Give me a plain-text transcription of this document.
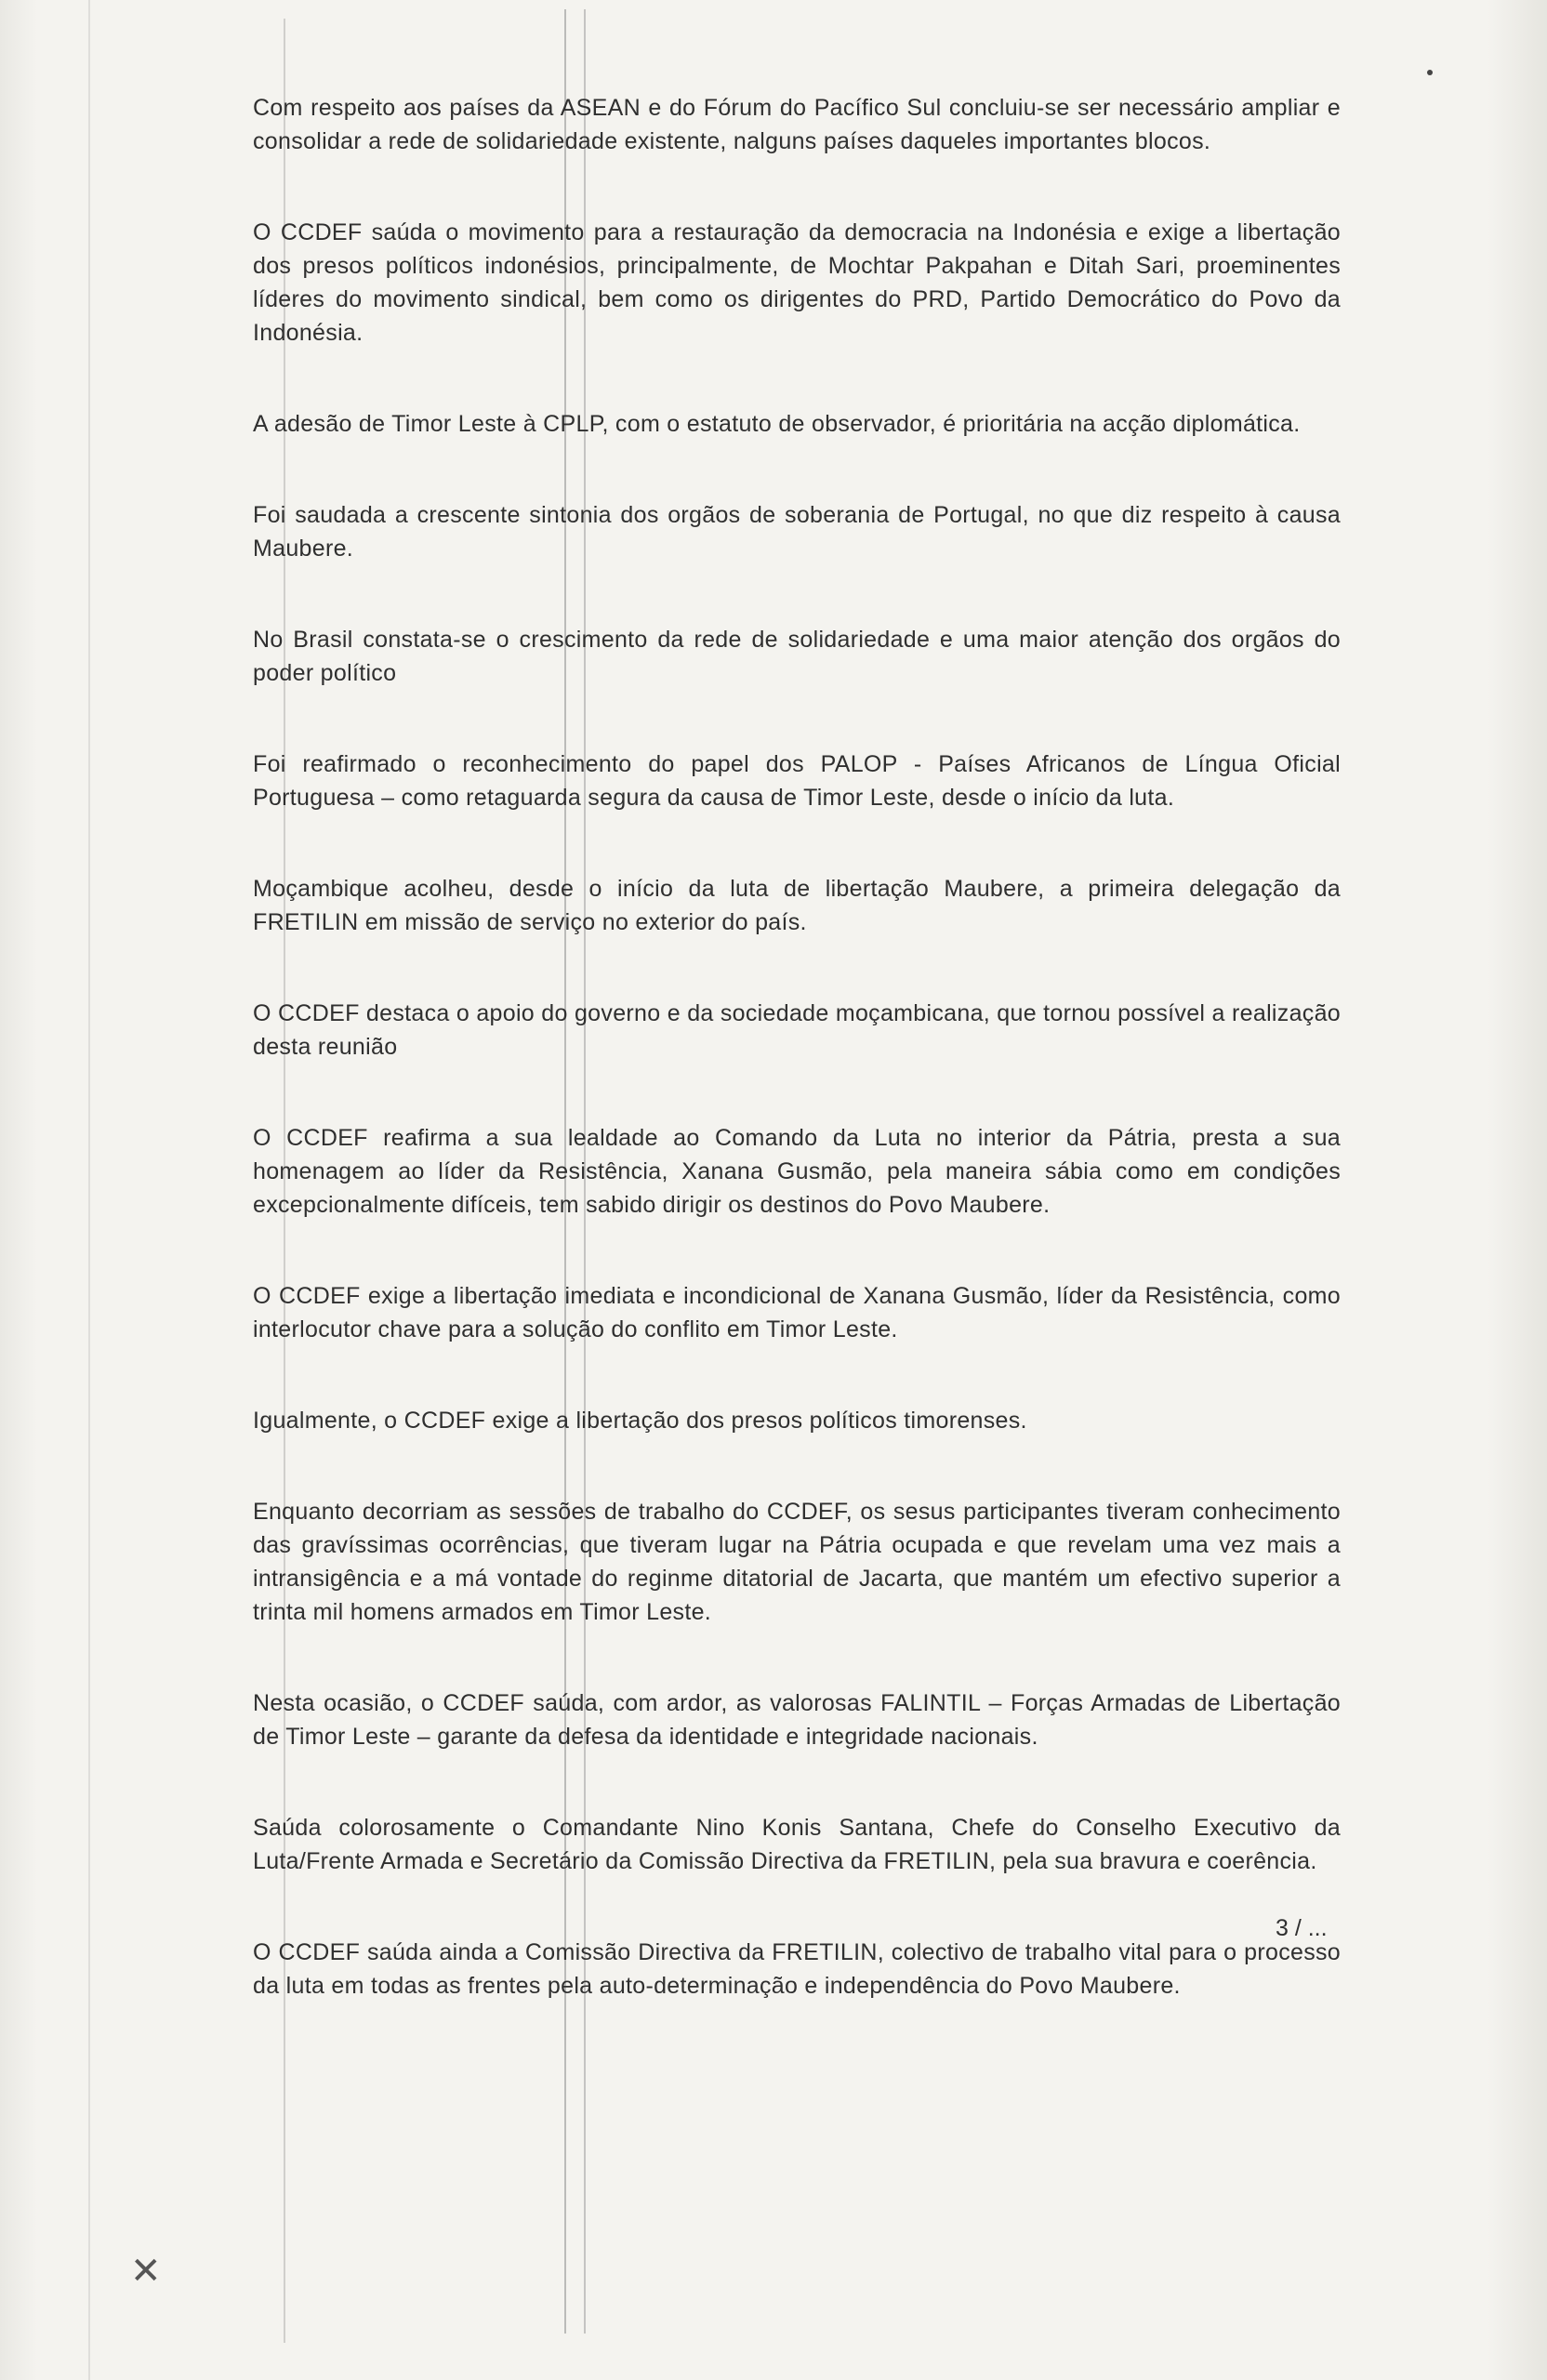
✕

Com respeito aos países da ASEAN e do Fórum do Pacífico Sul concluiu-se ser necessário ampliar e consolidar a rede de solidariedade existente, nalguns países daqueles importantes blocos.

O CCDEF saúda o movimento para a restauração da democracia na Indonésia e exige a libertação dos presos políticos indonésios, principalmente, de Mochtar Pakpahan e Ditah Sari, proeminentes líderes do movimento sindical, bem como os dirigentes do PRD, Partido Democrático do Povo da Indonésia.

A adesão de Timor Leste à CPLP, com o estatuto de observador, é prioritária na acção diplomática.

Foi saudada a crescente sintonia dos orgãos de soberania de Portugal, no que diz respeito à causa Maubere.

No Brasil constata-se o crescimento da rede de solidariedade e uma maior atenção dos orgãos do poder político

Foi reafirmado o reconhecimento do papel dos PALOP - Países Africanos de Língua Oficial Portuguesa – como retaguarda segura da causa de Timor Leste, desde o início da luta.

Moçambique acolheu, desde o início da luta de libertação Maubere, a primeira delegação da FRETILIN em missão de serviço no exterior do país.

O CCDEF destaca o apoio do governo e da sociedade moçambicana, que tornou possível a realização desta reunião

O CCDEF reafirma a sua lealdade ao Comando da Luta no interior da Pátria, presta a sua homenagem ao líder da Resistência, Xanana Gusmão, pela maneira sábia como em condições excepcionalmente difíceis, tem sabido dirigir os destinos do Povo Maubere.

O CCDEF exige a libertação imediata e incondicional de Xanana Gusmão, líder da Resistência, como interlocutor chave para a solução do conflito em Timor Leste.

Igualmente, o CCDEF exige a libertação dos presos políticos timorenses.

Enquanto decorriam as sessões de trabalho do CCDEF, os sesus participantes tiveram conhecimento das gravíssimas ocorrências, que tiveram lugar na Pátria ocupada e que revelam uma vez mais a intransigência e a má vontade do reginme ditatorial de Jacarta, que mantém um efectivo superior a trinta mil homens armados em Timor Leste.

Nesta ocasião, o CCDEF saúda, com ardor, as valorosas FALINTIL – Forças Armadas de Libertação de Timor Leste – garante da defesa da identidade e integridade nacionais.

Saúda colorosamente o Comandante Nino Konis Santana, Chefe do Conselho Executivo da Luta/Frente Armada e Secretário da Comissão Directiva da FRETILIN, pela sua bravura e coerência.

O CCDEF saúda ainda a Comissão Directiva da FRETILIN, colectivo de trabalho vital para o processo da luta em todas as frentes pela auto-determinação e independência do Povo Maubere.

3 / ...
